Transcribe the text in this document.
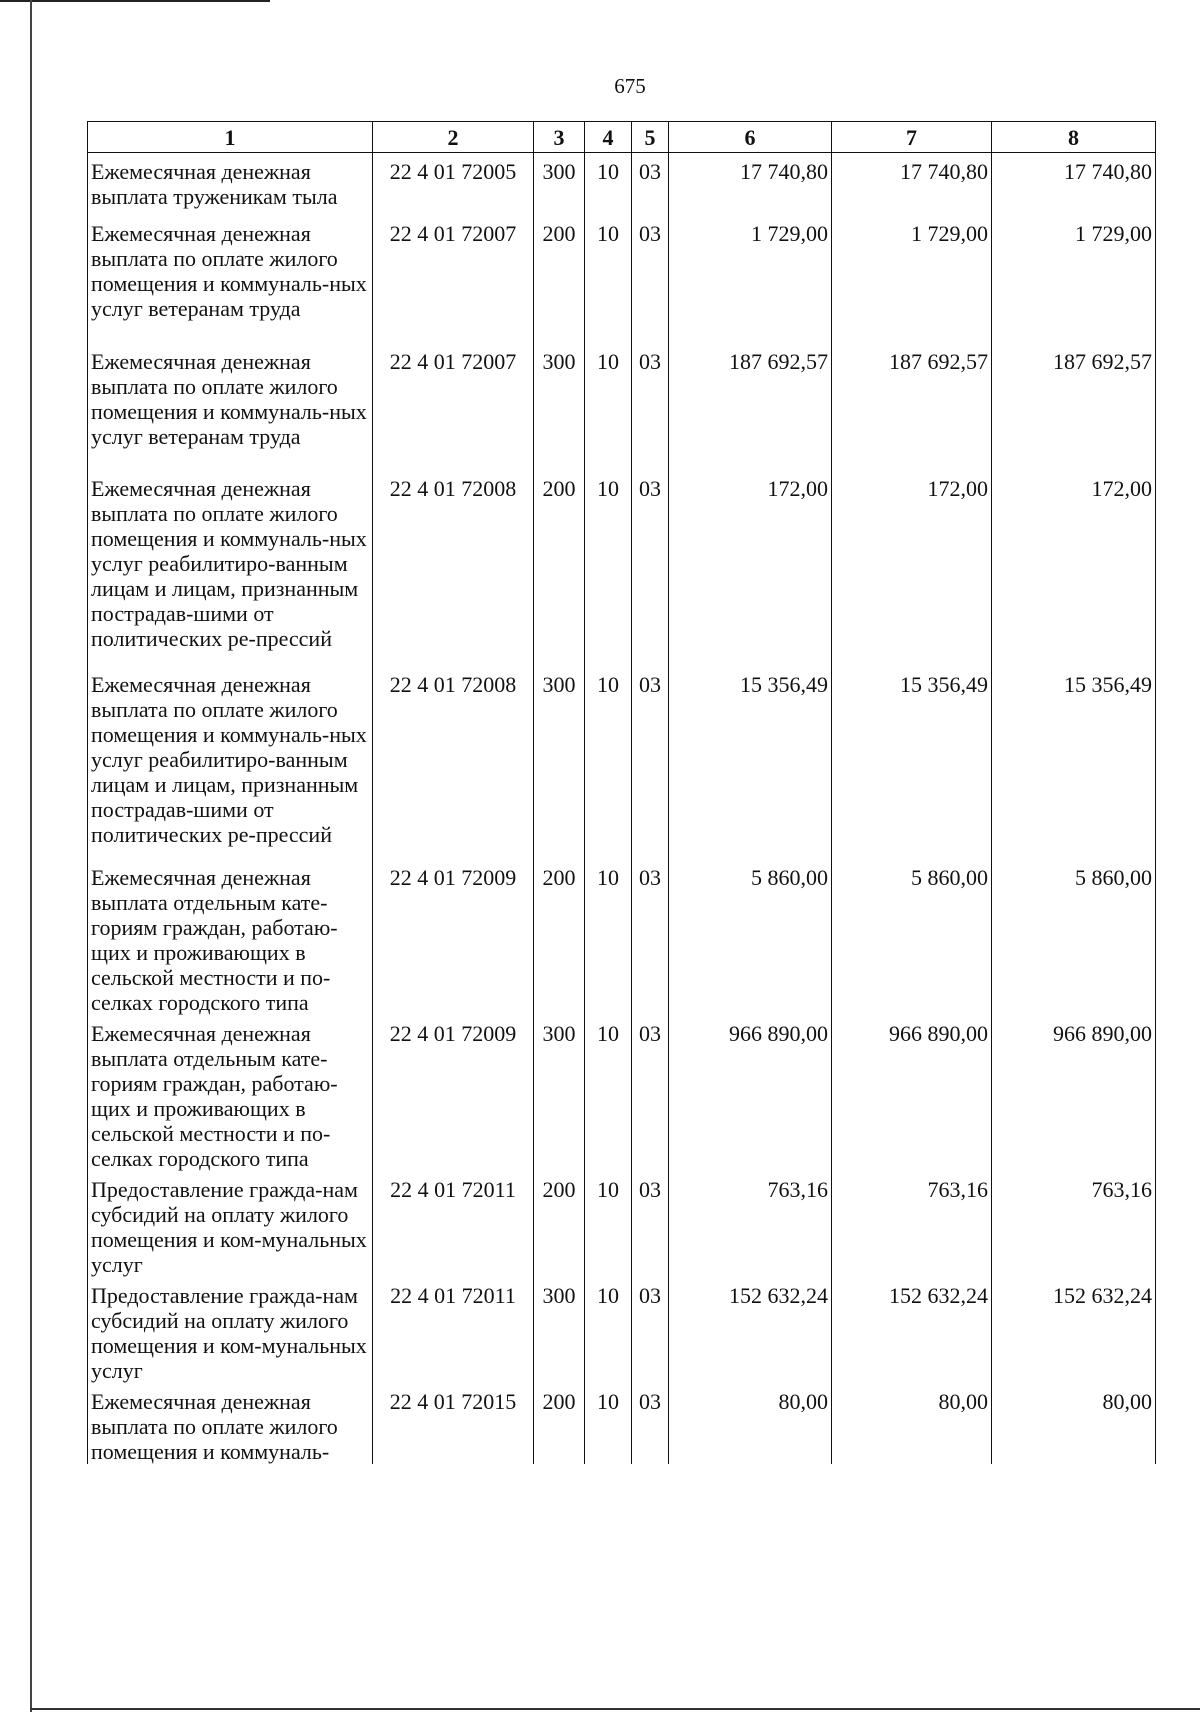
675
1	2	3	4	5	6	7	8
Ежемесячная денежная выплата труженикам тыла	22 4 01 72005	300	10	03	17 740,80	17 740,80	17 740,80
Ежемесячная денежная выплата по оплате жилого помещения и коммуналь-ных услуг ветеранам труда	22 4 01 72007	200	10	03	1 729,00	1 729,00	1 729,00
Ежемесячная денежная выплата по оплате жилого помещения и коммуналь-ных услуг ветеранам труда	22 4 01 72007	300	10	03	187 692,57	187 692,57	187 692,57
Ежемесячная денежная выплата по оплате жилого помещения и коммуналь-ных услуг реабилитиро-ванным лицам и лицам, признанным пострадав-шими от политических ре-прессий	22 4 01 72008	200	10	03	172,00	172,00	172,00
Ежемесячная денежная выплата по оплате жилого помещения и коммуналь-ных услуг реабилитиро-ванным лицам и лицам, признанным пострадав-шими от политических ре-прессий	22 4 01 72008	300	10	03	15 356,49	15 356,49	15 356,49
Ежемесячная денежная выплата отдельным кате-гориям граждан, работаю-щих и проживающих в сельской местности и по-селках городского типа	22 4 01 72009	200	10	03	5 860,00	5 860,00	5 860,00
Ежемесячная денежная выплата отдельным кате-гориям граждан, работаю-щих и проживающих в сельской местности и по-селках городского типа	22 4 01 72009	300	10	03	966 890,00	966 890,00	966 890,00
Предоставление гражда-нам субсидий на оплату жилого помещения и ком-мунальных услуг	22 4 01 72011	200	10	03	763,16	763,16	763,16
Предоставление гражда-нам субсидий на оплату жилого помещения и ком-мунальных услуг	22 4 01 72011	300	10	03	152 632,24	152 632,24	152 632,24
Ежемесячная денежная выплата по оплате жилого помещения и коммуналь-	22 4 01 72015	200	10	03	80,00	80,00	80,00
